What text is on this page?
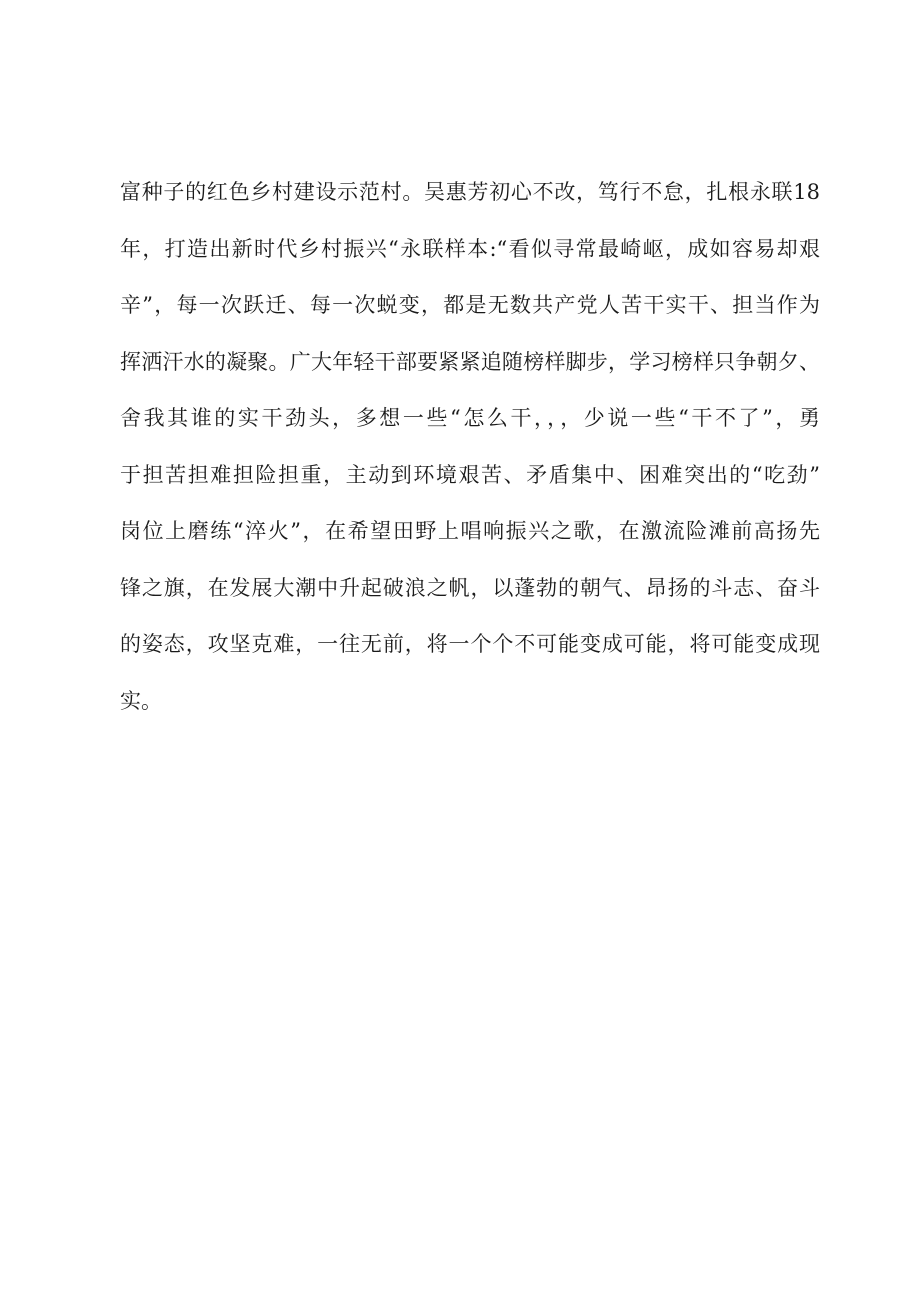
富种子的红色乡村建设示范村。吴惠芳初心不改，笃行不怠，扎根永联18
年，打造出新时代乡村振兴“永联样本:“看似寻常最崎岖，成如容易却艰
辛”，每一次跃迁、每一次蜕变，都是无数共产党人苦干实干、担当作为
挥洒汗水的凝聚。广大年轻干部要紧紧追随榜样脚步，学习榜样只争朝夕、
舍我其谁的实干劲头，多想一些“怎么干，，，少说一些“干不了”，勇
于担苦担难担险担重，主动到环境艰苦、矛盾集中、困难突出的“吃劲”
岗位上磨练“淬火”，在希望田野上唱响振兴之歌，在激流险滩前高扬先
锋之旗，在发展大潮中升起破浪之帆，以蓬勃的朝气、昂扬的斗志、奋斗
的姿态，攻坚克难，一往无前，将一个个不可能变成可能，将可能变成现
实。
